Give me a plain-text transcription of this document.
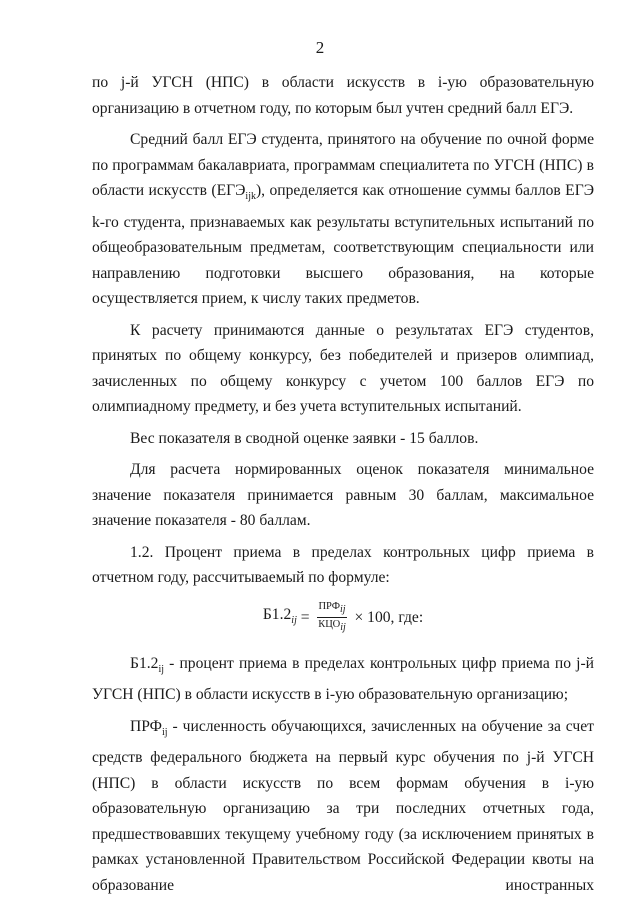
2

по j-й УГСН (НПС) в области искусств в i-ую образовательную организацию в отчетном году, по которым был учтен средний балл ЕГЭ.

Средний балл ЕГЭ студента, принятого на обучение по очной форме по программам бакалавриата, программам специалитета по УГСН (НПС) в области искусств $(ЕГЭ_{ijk})$, определяется как отношение суммы баллов ЕГЭ k-го студента, признаваемых как результаты вступительных испытаний по общеобразовательным предметам, соответствующим специальности или направлению подготовки высшего образования, на которые осуществляется прием, к числу таких предметов.

К расчету принимаются данные о результатах ЕГЭ студентов, принятых по общему конкурсу, без победителей и призеров олимпиад, зачисленных по общему конкурсу с учетом 100 баллов ЕГЭ по олимпиадному предмету, и без учета вступительных испытаний.

Вес показателя в сводной оценке заявки - 15 баллов.

Для расчета нормированных оценок показателя минимальное значение показателя принимается равным 30 баллам, максимальное значение показателя - 80 баллам.

1.2. Процент приема в пределах контрольных цифр приема в отчетном году, рассчитываемый по формуле:

$Б1.2_{ij} = \frac{ПРФ_{ij}}{КЦО_{ij}} \times 100$, где:

$Б1.2_{ij}$ - процент приема в пределах контрольных цифр приема по j-й УГСН (НПС) в области искусств в i-ую образовательную организацию;

$ПРФ_{ij}$ - численность обучающихся, зачисленных на обучение за счет средств федерального бюджета на первый курс обучения по j-й УГСН (НПС) в области искусств по всем формам обучения в i-ую образовательную организацию за три последних отчетных года, предшествовавших текущему учебному году (за исключением принятых в рамках установленной Правительством Российской Федерации квоты на образование иностранных
